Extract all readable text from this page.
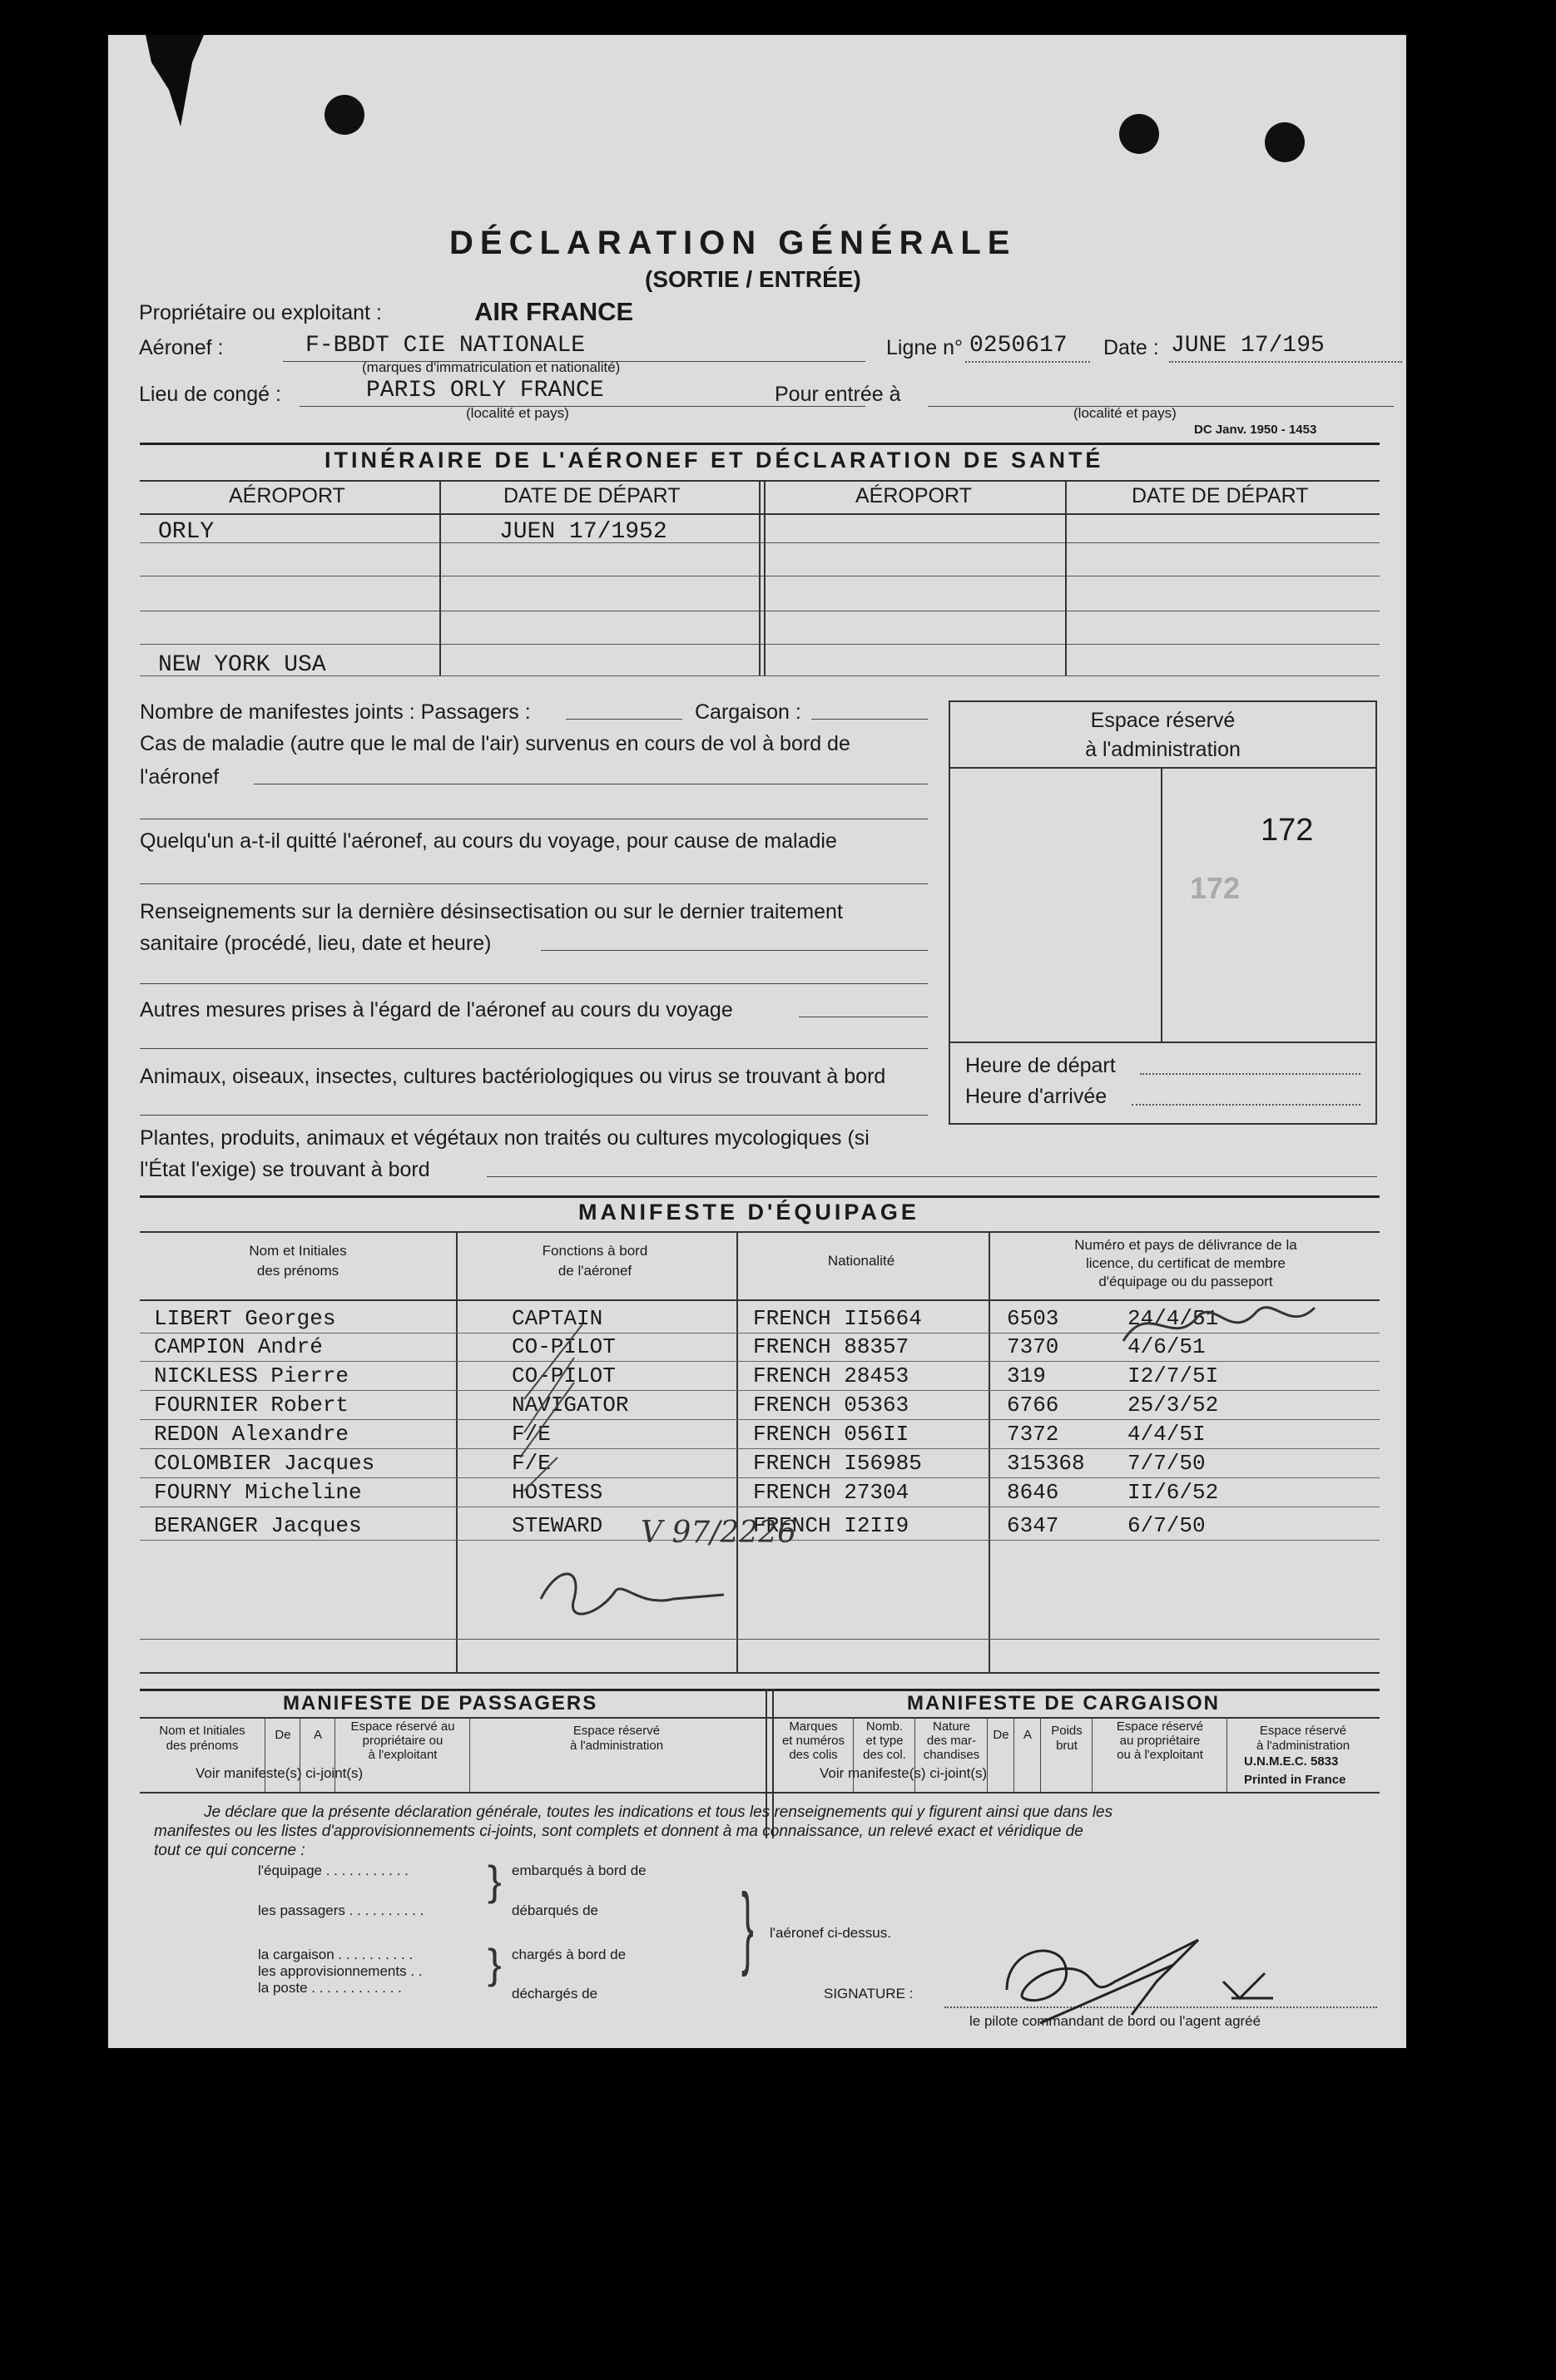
DÉCLARATION GÉNÉRALE
(SORTIE / ENTRÉE)
Propriétaire ou exploitant :	AIR FRANCE
Aéronef :	F-BBDT CIE NATIONALE
(marques d'immatriculation et nationalité)
Ligne n° 0250617 Date : JUNE 17/195
Lieu de congé :	PARIS ORLY FRANCE
(localité et pays)
Pour entrée à
(localité et pays)
DC Janv. 1950 - 1453
ITINÉRAIRE DE L'AÉRONEF ET DÉCLARATION DE SANTÉ
AÉROPORT	DATE DE DÉPART	AÉROPORT	DATE DE DÉPART
ORLY	JUEN 17/1952
NEW YORK USA
Nombre de manifestes joints : Passagers :	Cargaison :
Cas de maladie (autre que le mal de l'air) survenus en cours de vol à bord de
l'aéronef
Quelqu'un a-t-il quitté l'aéronef, au cours du voyage, pour cause de maladie
Renseignements sur la dernière désinsectisation ou sur le dernier traitement
sanitaire (procédé, lieu, date et heure)
Autres mesures prises à l'égard de l'aéronef au cours du voyage
Animaux, oiseaux, insectes, cultures bactériologiques ou virus se trouvant à bord
Plantes, produits, animaux et végétaux non traités ou cultures mycologiques (si
l'État l'exige) se trouvant à bord
Espace réservé
à l'administration
172
172
Heure de départ
Heure d'arrivée
MANIFESTE D'ÉQUIPAGE
Nom et Initiales
des prénoms
Fonctions à bord
de l'aéronef
Nationalité
Numéro et pays de délivrance de la
licence, du certificat de membre
d'équipage ou du passeport
LIBERT Georges	CAPTAIN	FRENCH II5664	6503	24/4/51
CAMPION André	CO-PILOT	FRENCH 88357	7370	4/6/51
NICKLESS Pierre	CO-PILOT	FRENCH 28453	319	I2/7/5I
FOURNIER Robert	NAVIGATOR	FRENCH 05363	6766	25/3/52
REDON Alexandre	F/E	FRENCH 056II	7372	4/4/5I
COLOMBIER Jacques	F/E	FRENCH I56985	315368 7/7/50
FOURNY Micheline	HOSTESS	FRENCH 27304	8646	II/6/52
BERANGER Jacques	STEWARD	FRENCH I2II9	6347	6/7/50
V 97/2226
MANIFESTE DE PASSAGERS	MANIFESTE DE CARGAISON
Nom et Initiales
des prénoms
De	A
Espace réservé au
propriétaire ou
à l'exploitant
Espace réservé
à l'administration
Marques
et numéros
des colis
Nomb.
et type
des col.
Nature
des mar-
chandises
De	A	Poids
brut
Espace réservé
au propriétaire
ou à l'exploitant
Espace réservé
à l'administration
Voir manifeste(s) ci-joint(s)	Voir manifeste(s) ci-joint(s)
U.N.M.E.C. 5833
Printed in France
Je déclare que la présente déclaration générale, toutes les indications et tous les renseignements qui y figurent ainsi que dans les
manifestes ou les listes d'approvisionnements ci-joints, sont complets et donnent à ma connaissance, un relevé exact et véridique de
tout ce qui concerne :
l'équipage . . . . . . . . . . .
les passagers . . . . . . . . . .
la cargaison . . . . . . . . . .
les approvisionnements . .
la poste . . . . . . . . . . . .
}
}
embarqués à bord de
débarqués de
chargés à bord de
déchargés de
} l'aéronef ci-dessus.
SIGNATURE :
le pilote commandant de bord ou l'agent agréé
